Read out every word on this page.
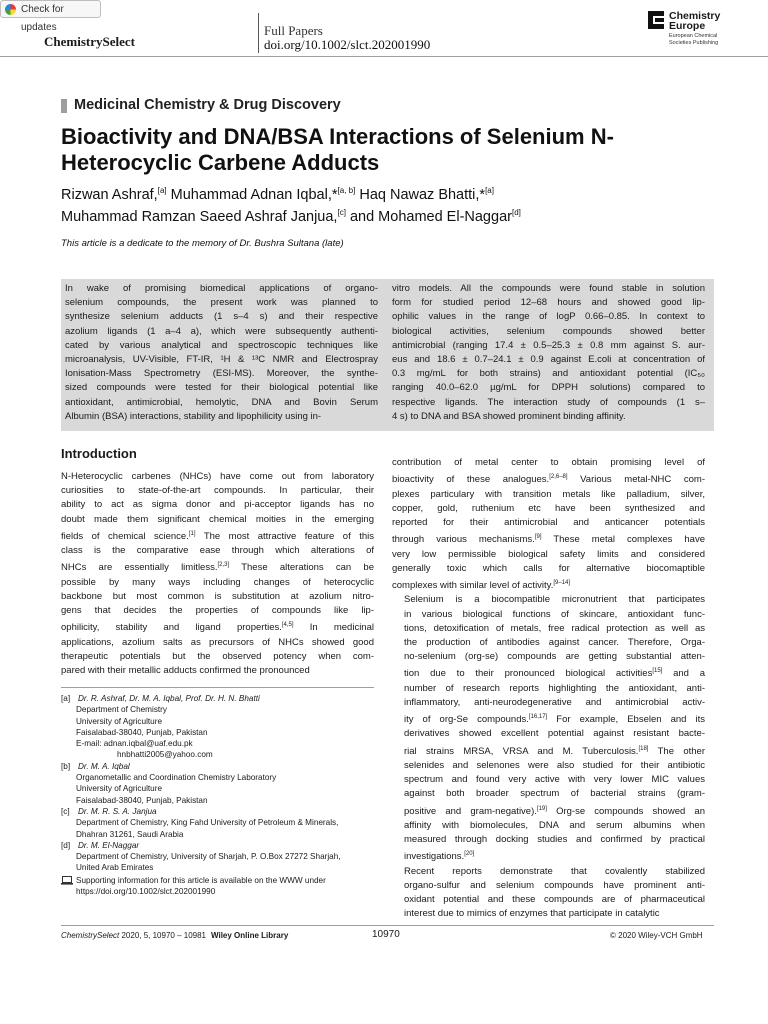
Check for updates
ChemistrySelect
Full Papers
doi.org/10.1002/slct.202001990
Chemistry
Europe
European Chemical
Societies Publishing
Medicinal Chemistry & Drug Discovery
Bioactivity and DNA/BSA Interactions of Selenium N-Heterocyclic Carbene Adducts
Rizwan Ashraf,[a] Muhammad Adnan Iqbal,*[a, b] Haq Nawaz Bhatti,*[a]
Muhammad Ramzan Saeed Ashraf Janjua,[c] and Mohamed El-Naggar[d]
This article is a dedicate to the memory of Dr. Bushra Sultana (late)
In wake of promising biomedical applications of organo-
selenium compounds, the present work was planned to
synthesize selenium adducts (1 s–4 s) and their respective
azolium ligands (1 a–4 a), which were subsequently authenti-
cated by various analytical and spectroscopic techniques like
microanalysis, UV-Visible, FT-IR, ¹H & ¹³C NMR and Electrospray
Ionisation-Mass Spectrometry (ESI-MS). Moreover, the synthe-
sized compounds were tested for their biological potential like
antioxidant, antimicrobial, hemolytic, DNA and Bovin Serum
Albumin (BSA) interactions, stability and lipophilicity using in-
vitro models. All the compounds were found stable in solution
form for studied period 12–68 hours and showed good lip-
ophilic values in the range of logP 0.66–0.85. In context to
biological activities, selenium compounds showed better
antimicrobial (ranging 17.4 ± 0.5–25.3 ± 0.8 mm against S. aur-
eus and 18.6 ± 0.7–24.1 ± 0.9 against E.coli at concentration of
0.3 mg/mL for both strains) and antioxidant potential (IC₅₀
ranging 40.0–62.0 µg/mL for DPPH solutions) compared to
respective ligands. The interaction study of compounds (1 s–
4 s) to DNA and BSA showed prominent binding affinity.
Introduction
N-Heterocyclic carbenes (NHCs) have come out from laboratory
curiosities to state-of-the-art compounds. In particular, their
ability to act as sigma donor and pi-acceptor ligands has no
doubt made them significant chemical moities in the emerging
fields of chemical science.[1] The most attractive feature of this
class is the comparative ease through which alterations of
NHCs are essentially limitless.[2,3] These alterations can be
possible by many ways including changes of heterocyclic
backbone but most common is substitution at azolium nitro-
gens that decides the properties of compounds like lip-
ophilicity, stability and ligand properties.[4,5] In medicinal
applications, azolium salts as precursors of NHCs showed good
therapeutic potentials but the observed potency when com-
pared with their metallic adducts confirmed the pronounced
contribution of metal center to obtain promising level of
bioactivity of these analogues.[2,6–8] Various metal-NHC com-
plexes particulary with transition metals like palladium, silver,
copper, gold, ruthenium etc have been synthesized and
reported for their antimicrobial and anticancer potentials
through various mechanisms.[9] These metal complexes have
very low permissible biological safety limits and considered
generally toxic which calls for alternative biocomaptible
complexes with similar level of activity.[9–14]
Selenium is a biocompatible micronutrient that participates
in various biological functions of skincare, antioxidant func-
tions, detoxification of metals, free radical protection as well as
the production of antibodies against cancer. Therefore, Orga-
no-selenium (org-se) compounds are getting substantial atten-
tion due to their pronounced biological activities[15] and a
number of research reports highlighting the antioxidant, anti-
inflammatory, anti-neurodegenerative and antimicrobial activ-
ity of org-Se compounds.[16,17] For example, Ebselen and its
derivatives showed excellent potential against resistant bacte-
rial strains MRSA, VRSA and M. Tuberculosis.[18] The other
selenides and selenones were also studied for their antibiotic
spectrum and found very active with very lower MIC values
against both broader spectrum of bacterial strains (gram-
positive and gram-negative).[19] Org-se compounds showed an
affinity with biomolecules, DNA and serum albumins when
measured through docking studies and confirmed by practical
investigations.[20]
Recent reports demonstrate that covalently stabilized
organo-sulfur and selenium compounds have prominent anti-
oxidant potential and these compounds are of pharmaceutical
interest due to mimics of enzymes that participate in catalytic
[a] Dr. R. Ashraf, Dr. M. A. Iqbal, Prof. Dr. H. N. Bhatti
Department of Chemistry
University of Agriculture
Faisalabad-38040, Punjab, Pakistan
E-mail: adnan.iqbal@uaf.edu.pk
hnbhatti2005@yahoo.com
[b] Dr. M. A. Iqbal
Organometallic and Coordination Chemistry Laboratory
University of Agriculture
Faisalabad-38040, Punjab, Pakistan
[c] Dr. M. R. S. A. Janjua
Department of Chemistry, King Fahd University of Petroleum & Minerals,
Dhahran 31261, Saudi Arabia
[d] Dr. M. El-Naggar
Department of Chemistry, University of Sharjah, P. O.Box 27272 Sharjah,
United Arab Emirates
Supporting information for this article is available on the WWW under
https://doi.org/10.1002/slct.202001990
ChemistrySelect 2020, 5, 10970 – 10981 Wiley Online Library	10970	© 2020 Wiley-VCH GmbH
